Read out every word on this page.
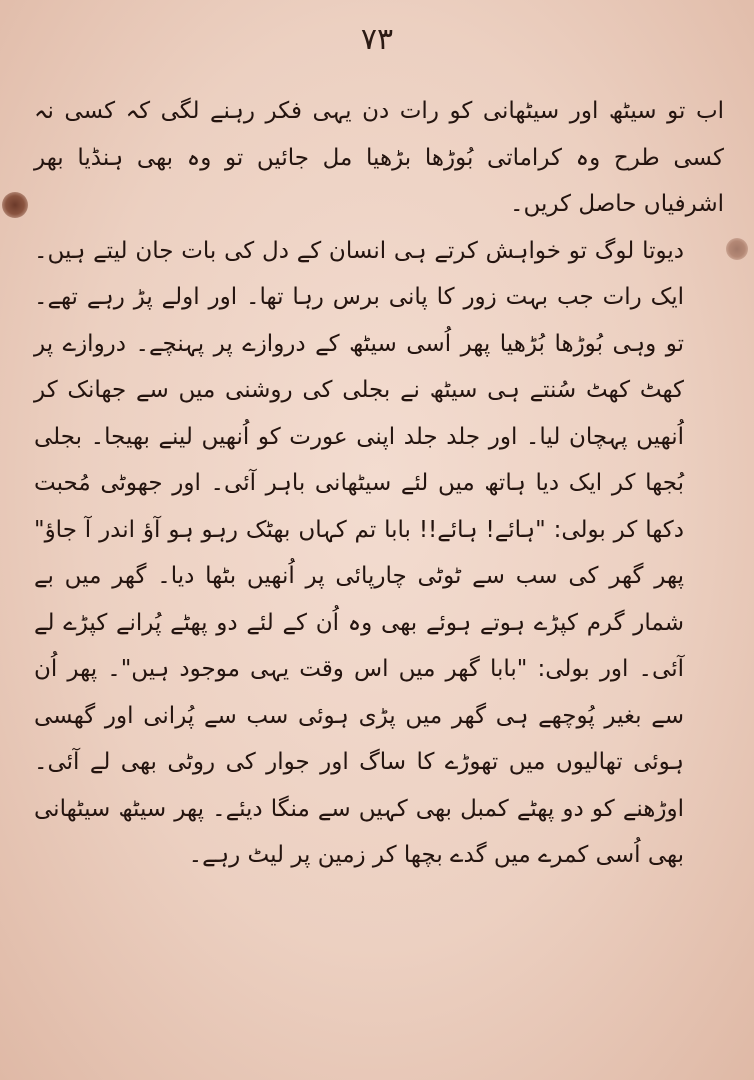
۷۳

اب تو سیٹھ اور سیٹھانی کو رات دن یہی فکر رہنے لگی کہ کسی نہ کسی طرح وہ کراماتی بُوڑھا بڑھیا مل جائیں تو وہ بھی ہنڈیا بھر اشرفیاں حاصل کریں۔

دیوتا لوگ تو خواہش کرتے ہی انسان کے دل کی بات جان لیتے ہیں۔ ایک رات جب بہت زور کا پانی برس رہا تھا۔ اور اولے پڑ رہے تھے۔ تو وہی بُوڑھا بُڑھیا پھر اُسی سیٹھ کے دروازے پر پہنچے۔ دروازے پر کھٹ کھٹ سُنتے ہی سیٹھ نے بجلی کی روشنی میں سے جھانک کر اُنھیں پہچان لیا۔ اور جلد جلد اپنی عورت کو اُنھیں لینے بھیجا۔ بجلی بُجھا کر ایک دیا ہاتھ میں لئے سیٹھانی باہر آئی۔ اور جھوٹی مُحبت دکھا کر بولی: "ہائے! ہائے!! بابا تم کہاں بھٹک رہو ہو آؤ اندر آ جاؤ" پھر گھر کی سب سے ٹوٹی چارپائی پر اُنھیں بٹھا دیا۔ گھر میں بے شمار گرم کپڑے ہوتے ہوئے بھی وہ اُن کے لئے دو پھٹے پُرانے کپڑے لے آئی۔ اور بولی: "بابا گھر میں اس وقت یہی موجود ہیں"۔ پھر اُن سے بغیر پُوچھے ہی گھر میں پڑی ہوئی سب سے پُرانی اور گھسی ہوئی تھالیوں میں تھوڑے کا ساگ اور جوار کی روٹی بھی لے آئی۔ اوڑھنے کو دو پھٹے کمبل بھی کہیں سے منگا دیئے۔ پھر سیٹھ سیٹھانی بھی اُسی کمرے میں گدے بچھا کر زمین پر لیٹ رہے۔
